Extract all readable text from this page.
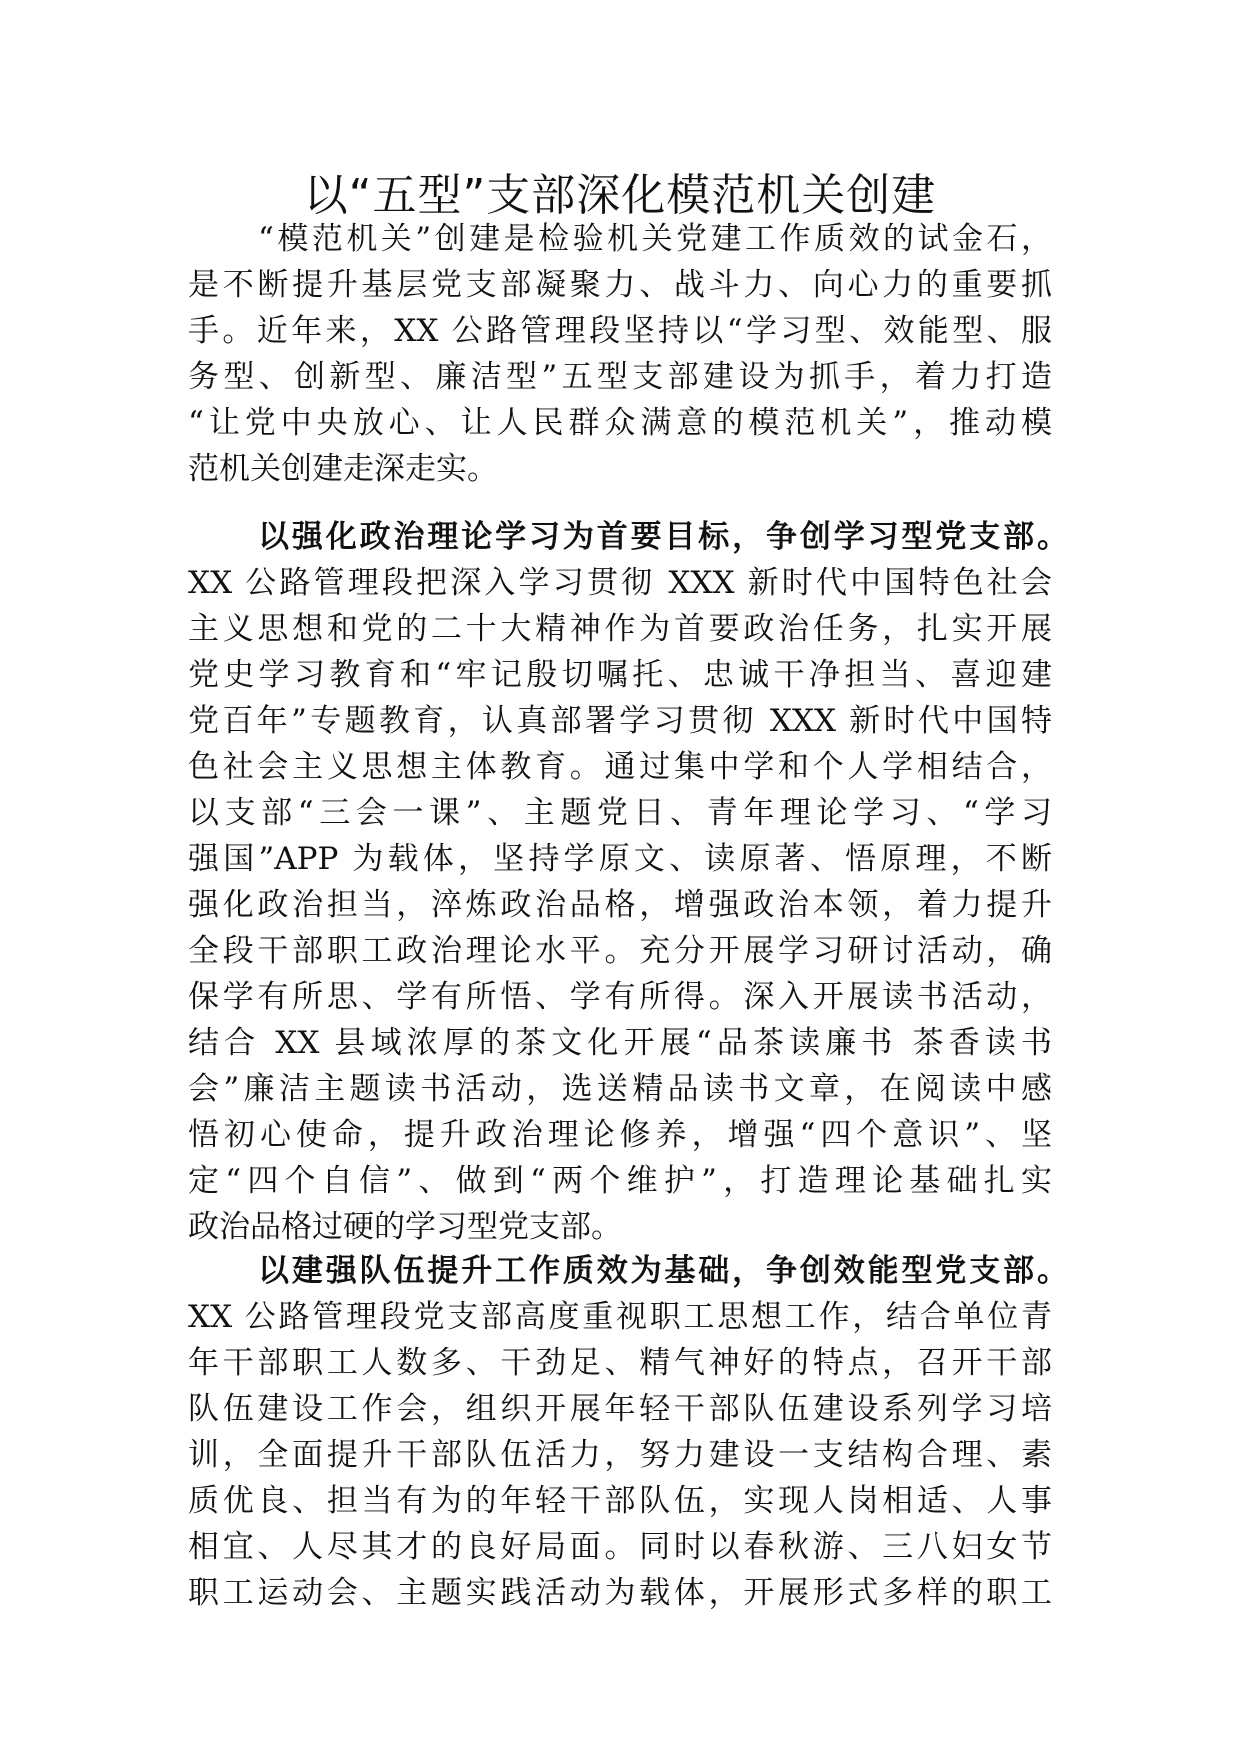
以“五型”支部深化模范机关创建
“模范机关”创建是检验机关党建工作质效的试金石，
是不断提升基层党支部凝聚力、战斗力、向心力的重要抓
手。近年来，XX 公路管理段坚持以“学习型、效能型、服
务型、创新型、廉洁型”五型支部建设为抓手，着力打造
“让党中央放心、让人民群众满意的模范机关”，推动模
范机关创建走深走实。
以强化政治理论学习为首要目标，争创学习型党支部。
XX 公路管理段把深入学习贯彻 XXX 新时代中国特色社会
主义思想和党的二十大精神作为首要政治任务，扎实开展
党史学习教育和“牢记殷切嘱托、忠诚干净担当、喜迎建
党百年”专题教育，认真部署学习贯彻 XXX 新时代中国特
色社会主义思想主体教育。通过集中学和个人学相结合，
以支部“三会一课”、主题党日、青年理论学习、“学习
强国”APP 为载体，坚持学原文、读原著、悟原理，不断
强化政治担当，淬炼政治品格，增强政治本领，着力提升
全段干部职工政治理论水平。充分开展学习研讨活动，确
保学有所思、学有所悟、学有所得。深入开展读书活动，
结合 XX 县域浓厚的茶文化开展“品茶读廉书 茶香读书
会”廉洁主题读书活动，选送精品读书文章，在阅读中感
悟初心使命，提升政治理论修养，增强“四个意识”、坚
定“四个自信”、做到“两个维护”，打造理论基础扎实
政治品格过硬的学习型党支部。
以建强队伍提升工作质效为基础，争创效能型党支部。
XX 公路管理段党支部高度重视职工思想工作，结合单位青
年干部职工人数多、干劲足、精气神好的特点，召开干部
队伍建设工作会，组织开展年轻干部队伍建设系列学习培
训，全面提升干部队伍活力，努力建设一支结构合理、素
质优良、担当有为的年轻干部队伍，实现人岗相适、人事
相宜、人尽其才的良好局面。同时以春秋游、三八妇女节
职工运动会、主题实践活动为载体，开展形式多样的职工
